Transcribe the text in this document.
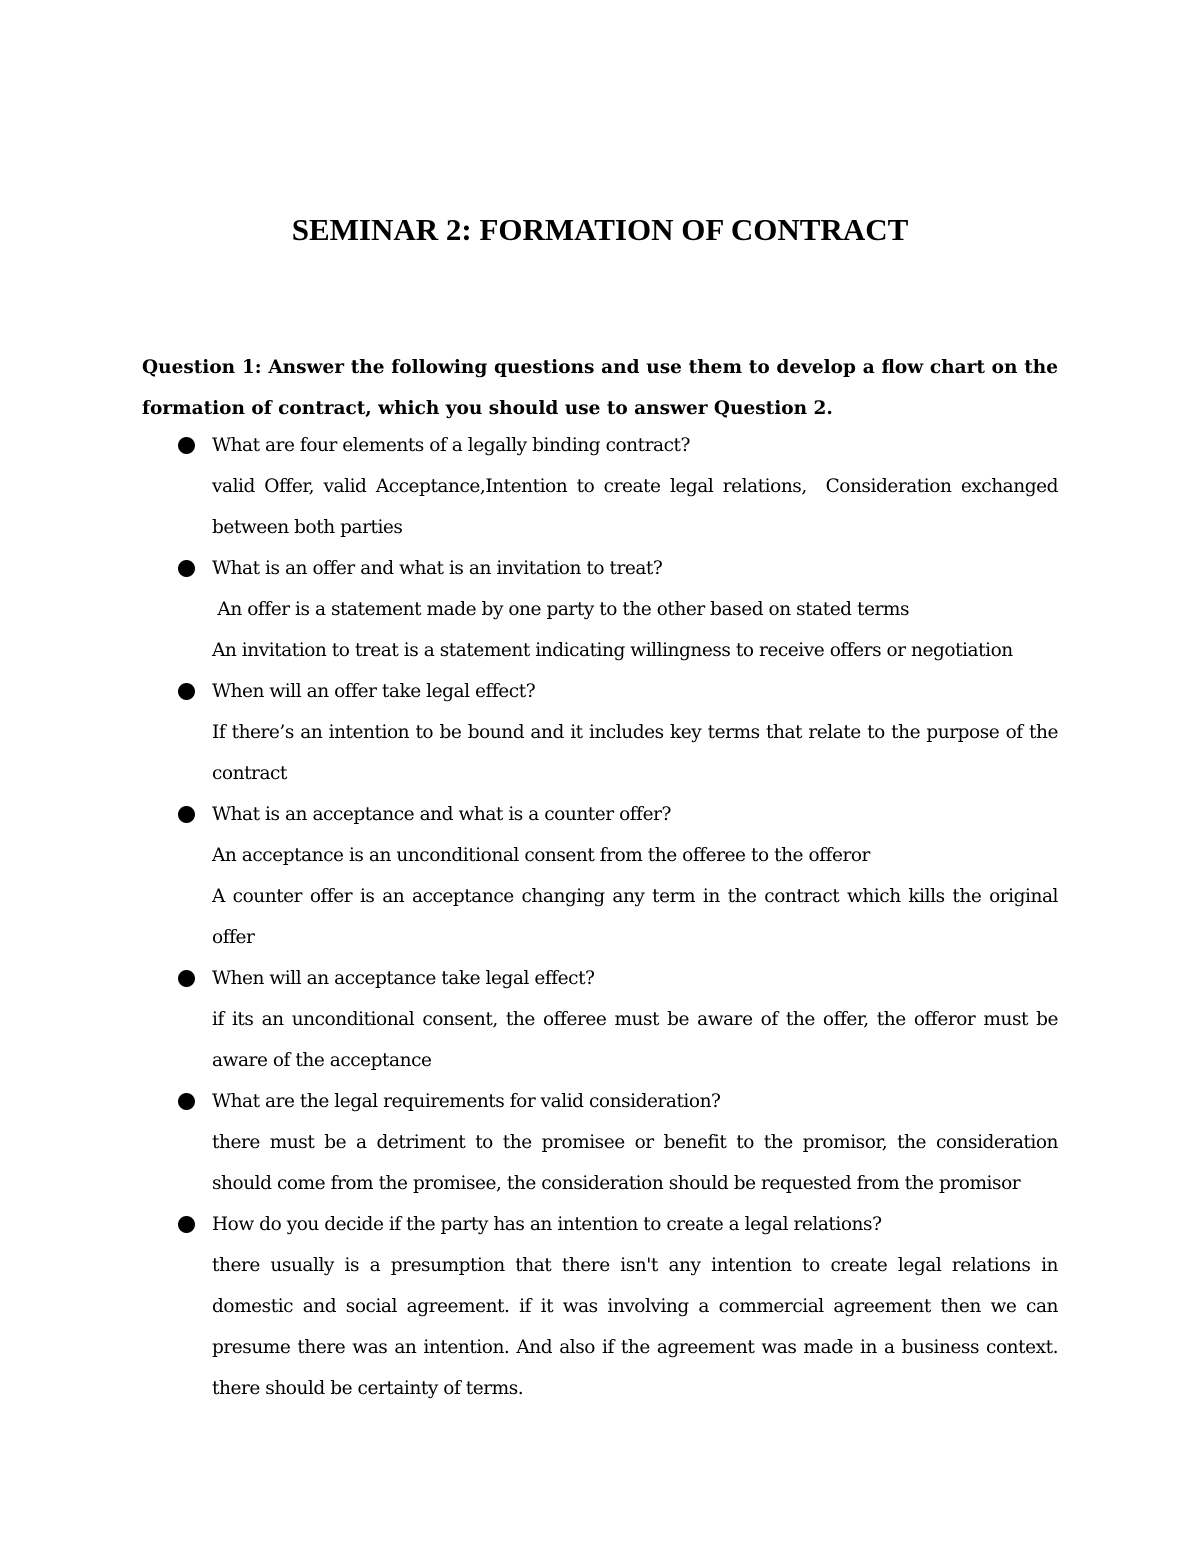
SEMINAR 2: FORMATION OF CONTRACT
Question 1: Answer the following questions and use them to develop a flow chart on the formation of contract, which you should use to answer Question 2.
What are four elements of a legally binding contract?
valid Offer, valid Acceptance,Intention to create legal relations,  Consideration exchanged between both parties
What is an offer and what is an invitation to treat?
An offer is a statement made by one party to the other based on stated terms
An invitation to treat is a statement indicating willingness to receive offers or negotiation
When will an offer take legal effect?
If there’s an intention to be bound and it includes key terms that relate to the purpose of the contract
What is an acceptance and what is a counter offer?
An acceptance is an unconditional consent from the offeree to the offeror
A counter offer is an acceptance changing any term in the contract which kills the original offer
When will an acceptance take legal effect?
if its an unconditional consent, the offeree must be aware of the offer, the offeror must be aware of the acceptance
What are the legal requirements for valid consideration?
there must be a detriment to the promisee or benefit to the promisor, the consideration should come from the promisee, the consideration should be requested from the promisor
How do you decide if the party has an intention to create a legal relations?
there usually is a presumption that there isn't any intention to create legal relations in domestic and social agreement. if it was involving a commercial agreement then we can presume there was an intention. And also if the agreement was made in a business context. there should be certainty of terms.
